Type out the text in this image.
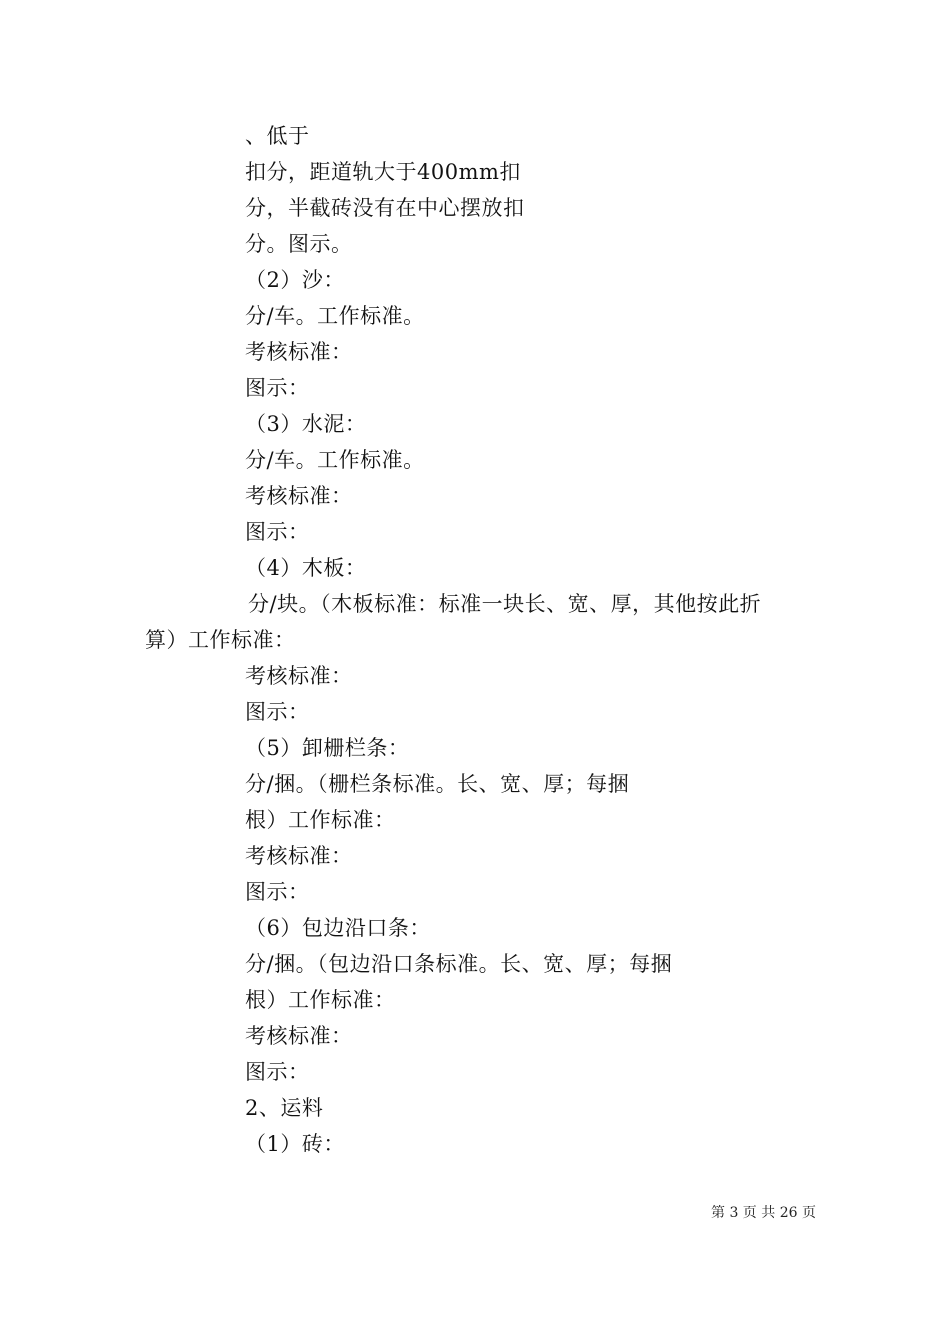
、低于
扣分，距道轨大于400mm扣
分，半截砖没有在中心摆放扣
分。图示。
（2）沙：
分/车。工作标准。
考核标准：
图示：
（3）水泥：
分/车。工作标准。
考核标准：
图示：
（4）木板：
分/块。（木板标准：标准一块长、宽、厚，其他按此折
算）工作标准：
考核标准：
图示：
（5）卸栅栏条：
分/捆。（栅栏条标准。长、宽、厚；每捆
根）工作标准：
考核标准：
图示：
（6）包边沿口条：
分/捆。（包边沿口条标准。长、宽、厚；每捆
根）工作标准：
考核标准：
图示：
2、运料
（1）砖：
第 3 页 共 26 页
